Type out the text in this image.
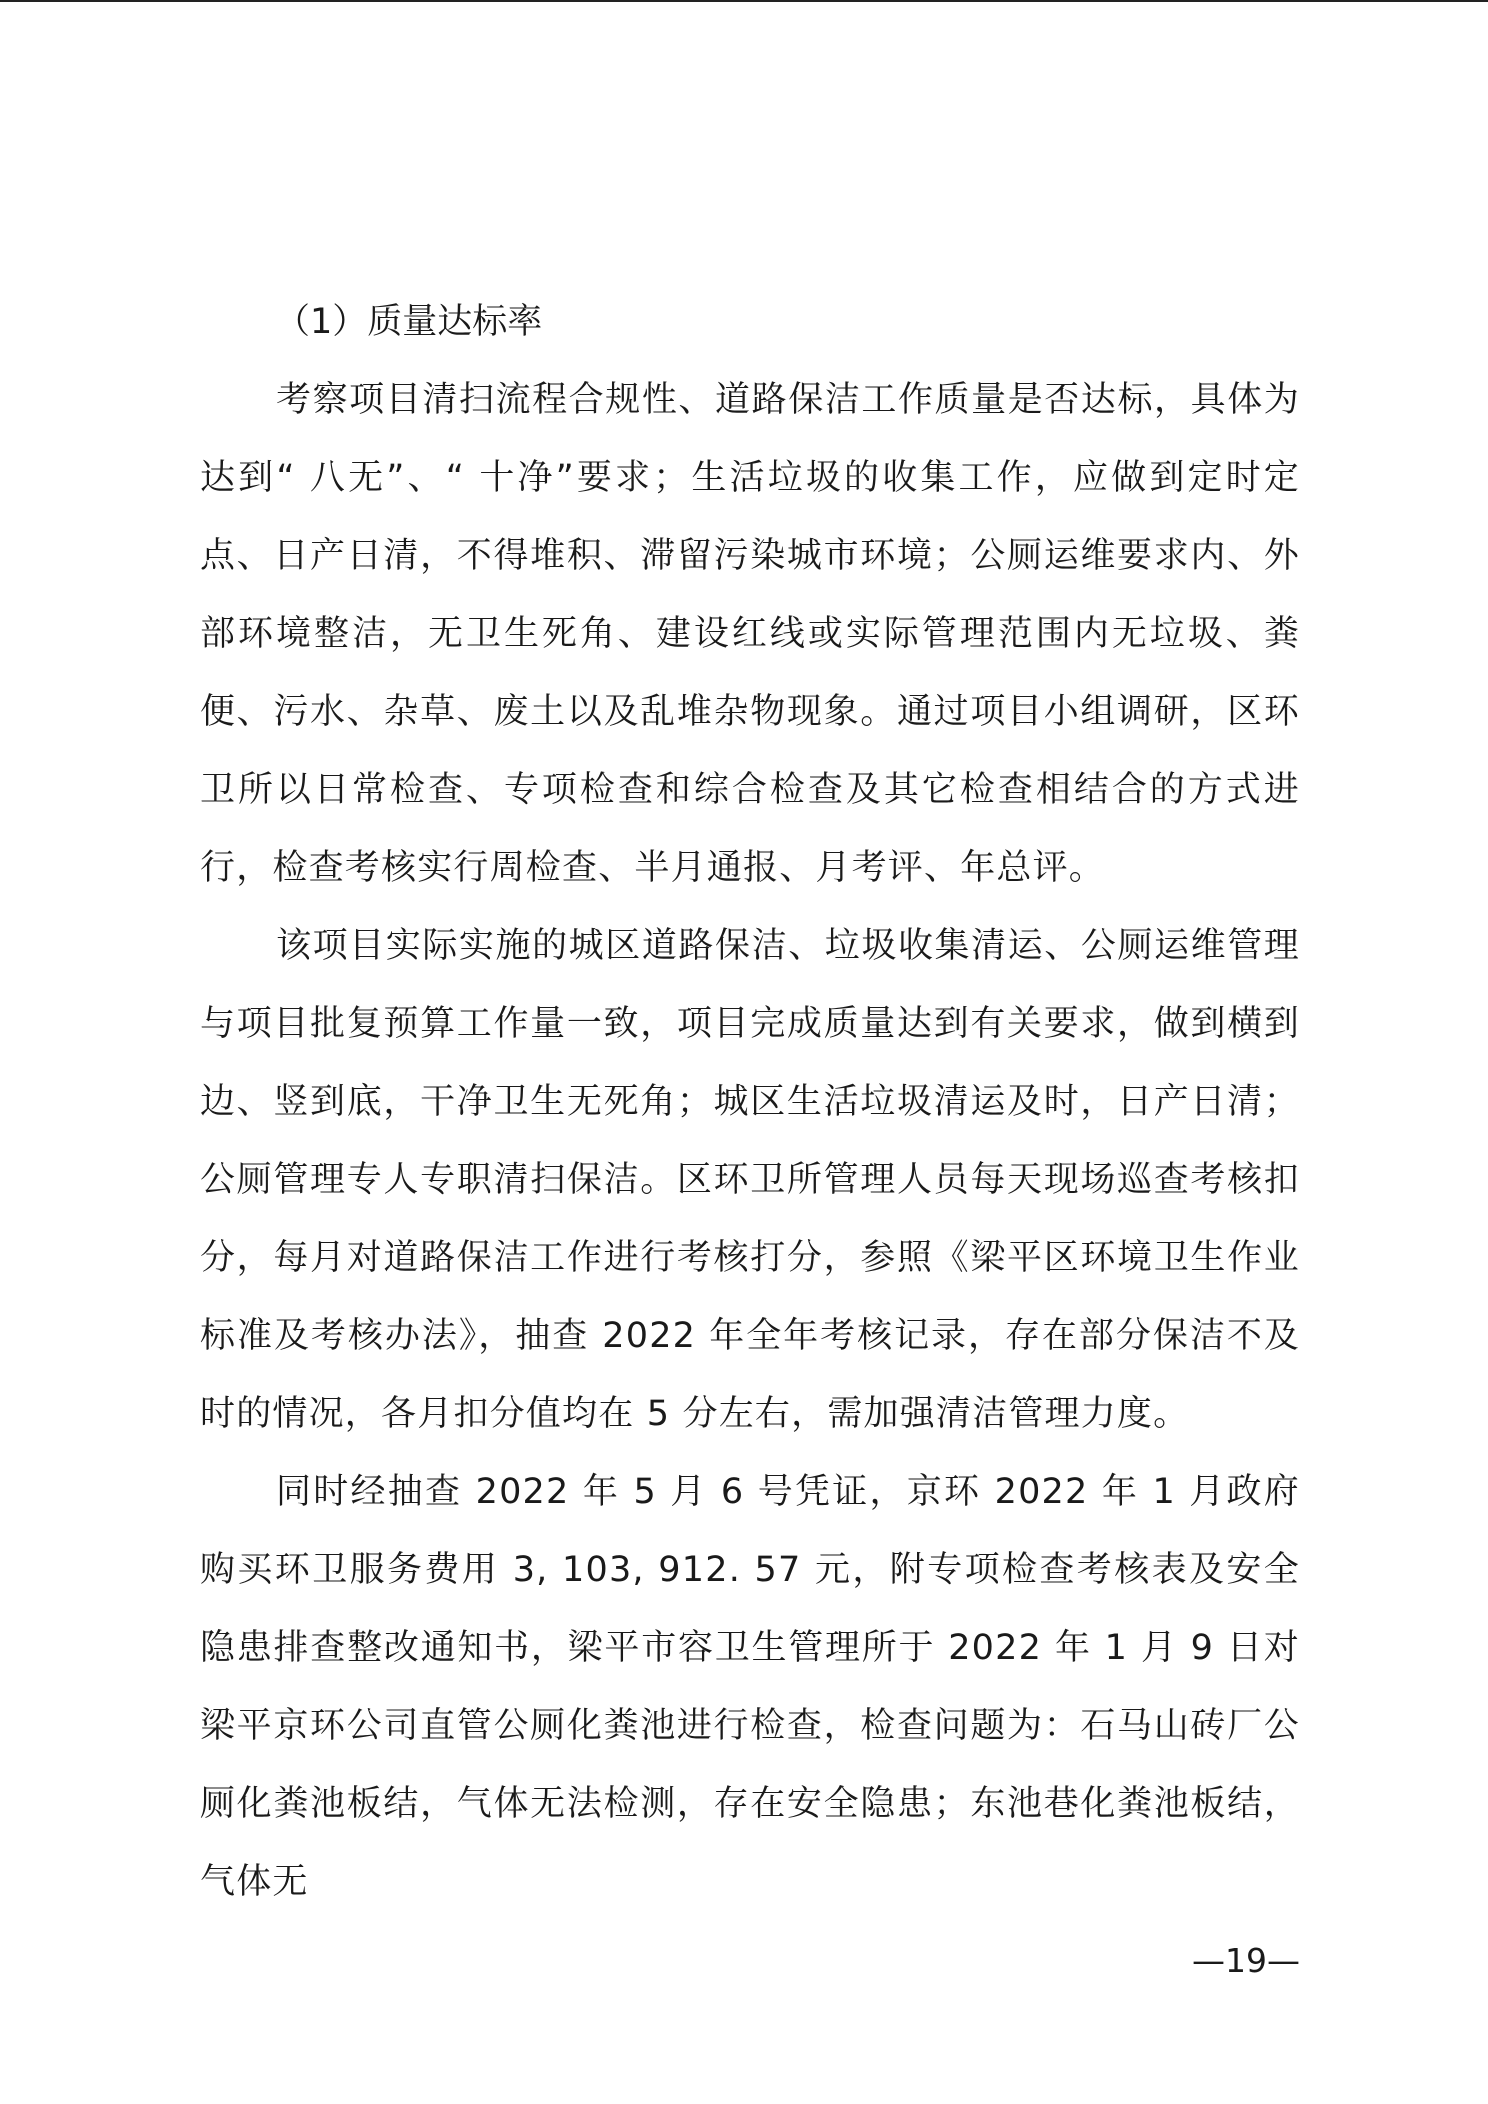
（1）质量达标率

考察项目清扫流程合规性、道路保洁工作质量是否达标，具体为达到“ 八无”、“ 十净”要求；生活垃圾的收集工作，应做到定时定点、日产日清，不得堆积、滞留污染城市环境；公厕运维要求内、外部环境整洁，无卫生死角、建设红线或实际管理范围内无垃圾、粪便、污水、杂草、废土以及乱堆杂物现象。通过项目小组调研，区环卫所以日常检查、专项检查和综合检查及其它检查相结合的方式进行，检查考核实行周检查、半月通报、月考评、年总评。

该项目实际实施的城区道路保洁、垃圾收集清运、公厕运维管理与项目批复预算工作量一致，项目完成质量达到有关要求，做到横到边、竖到底，干净卫生无死角；城区生活垃圾清运及时，日产日清；公厕管理专人专职清扫保洁。区环卫所管理人员每天现场巡查考核扣分，每月对道路保洁工作进行考核打分，参照《梁平区环境卫生作业标准及考核办法》，抽查 2022 年全年考核记录，存在部分保洁不及时的情况，各月扣分值均在 5 分左右，需加强清洁管理力度。

同时经抽查 2022 年 5 月 6 号凭证，京环 2022 年 1 月政府购买环卫服务费用 3, 103, 912. 57 元，附专项检查考核表及安全隐患排查整改通知书，梁平市容卫生管理所于 2022 年 1 月 9 日对梁平京环公司直管公厕化粪池进行检查，检查问题为：石马山砖厂公厕化粪池板结，气体无法检测，存在安全隐患；东池巷化粪池板结，气体无

—19—
